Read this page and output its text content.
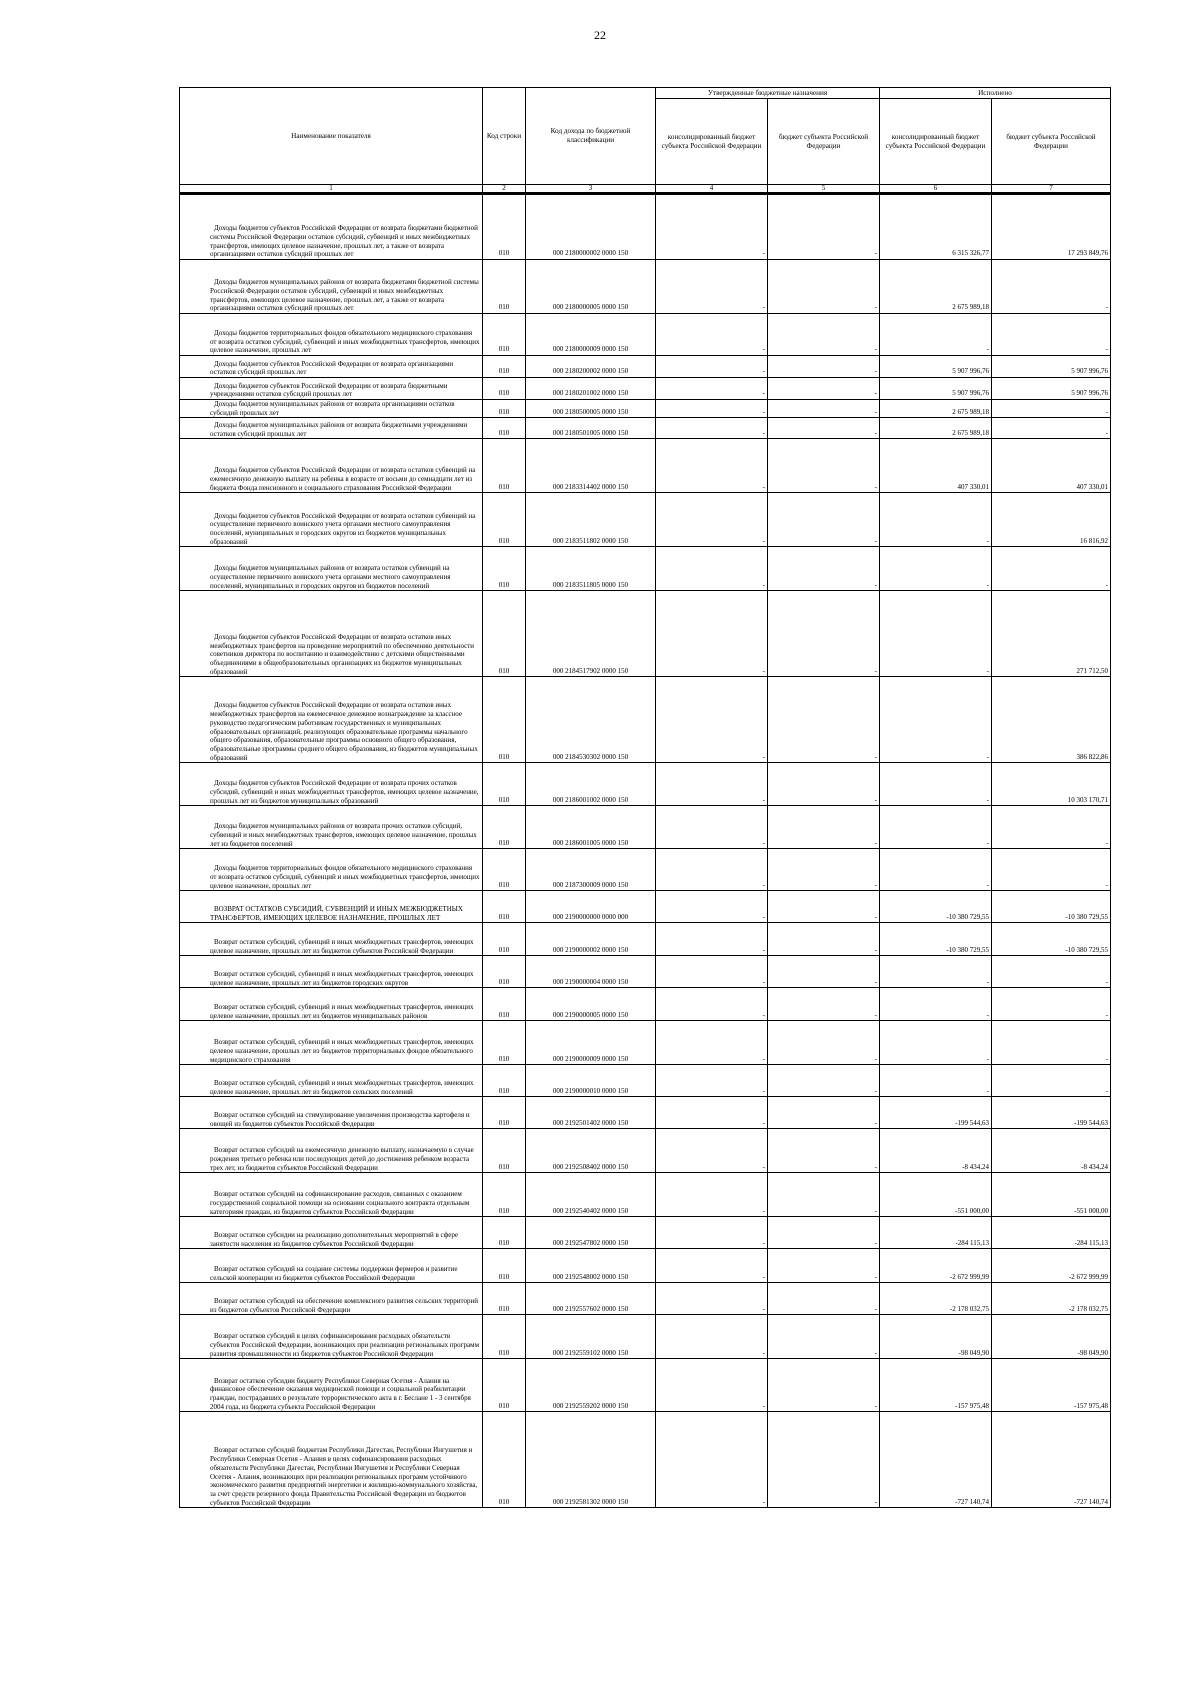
22
Наименование показателя	Код строки	Код дохода по бюджетной классификации	Утвержденные бюджетные назначения		Исполнено	
			консолидированный бюджет субъекта Российской Федерации	бюджет субъекта Российской Федерации	консолидированный бюджет субъекта Российской Федерации	бюджет субъекта Российской Федерации
1	2	3	4	5	6	7
Доходы бюджетов субъектов Российской Федерации от возврата бюджетами бюджетной системы Российской Федерации остатков субсидий, субвенций и иных межбюджетных трансфертов, имеющих целевое назначение, прошлых лет, а также от возврата организациями остатков субсидий прошлых лет	010	000 2180000002 0000 150	-	-	6 315 326,77	17 293 849,76
Доходы бюджетов муниципальных районов от возврата бюджетами бюджетной системы Российской Федерации остатков субсидий, субвенций и иных межбюджетных трансфертов, имеющих целевое назначение, прошлых лет, а также от возврата организациями остатков субсидий прошлых лет	010	000 2180000005 0000 150	-	-	2 675 989,18	-
Доходы бюджетов территориальных фондов обязательного медицинского страхования от возврата остатков субсидий, субвенций и иных межбюджетных трансфертов, имеющих целевое назначение, прошлых лет	010	000 2180000009 0000 150	-	-	-	-
Доходы бюджетов субъектов Российской Федерации от возврата организациями остатков субсидий прошлых лет	010	000 2180200002 0000 150	-	-	5 907 996,76	5 907 996,76
Доходы бюджетов субъектов Российской Федерации от возврата бюджетными учреждениями остатков субсидий прошлых лет	010	000 2180201002 0000 150	-	-	5 907 996,76	5 907 996,76
Доходы бюджетов муниципальных районов от возврата организациями остатков субсидий прошлых лет	010	000 2180500005 0000 150	-	-	2 675 989,18	-
Доходы бюджетов муниципальных районов от возврата бюджетными учреждениями остатков субсидий прошлых лет	010	000 2180501005 0000 150	-	-	2 675 989,18	-
Доходы бюджетов субъектов Российской Федерации от возврата остатков субвенций на ежемесячную денежную выплату на ребенка в возрасте от восьми до семнадцати лет из бюджета Фонда пенсионного и социального страхования Российской Федерации	010	000 2183314402 0000 150	-	-	407 330,01	407 330,01
Доходы бюджетов субъектов Российской Федерации от возврата остатков субвенций на осуществление первичного воинского учета органами местного самоуправления поселений, муниципальных и городских округов из бюджетов муниципальных образований	010	000 2183511802 0000 150	-	-	-	16 816,92
Доходы бюджетов муниципальных районов от возврата остатков субвенций на осуществление первичного воинского учета органами местного самоуправления поселений, муниципальных и городских округов из бюджетов поселений	010	000 2183511805 0000 150	-	-	-	-
Доходы бюджетов субъектов Российской Федерации от возврата остатков иных межбюджетных трансфертов на проведение мероприятий по обеспечению деятельности советников директора по воспитанию и взаимодействию с детскими общественными объединениями в общеобразовательных организациях из бюджетов муниципальных образований	010	000 2184517902 0000 150	-	-	-	271 712,50
Доходы бюджетов субъектов Российской Федерации от возврата остатков иных межбюджетных трансфертов на ежемесячное денежное вознаграждение за классное руководство педагогическим работникам государственных и муниципальных образовательных организаций, реализующих образовательные программы начального общего образования, образовательные программы основного общего образования, образовательные программы среднего общего образования, из бюджетов муниципальных образований	010	000 2184530302 0000 150	-	-	-	386 822,86
Доходы бюджетов субъектов Российской Федерации от возврата прочих остатков субсидий, субвенций и иных межбюджетных трансфертов, имеющих целевое назначение, прошлых лет из бюджетов муниципальных образований	010	000 2186001002 0000 150	-	-	-	10 303 170,71
Доходы бюджетов муниципальных районов от возврата прочих остатков субсидий, субвенций и иных межбюджетных трансфертов, имеющих целевое назначение, прошлых лет из бюджетов поселений	010	000 2186001005 0000 150	-	-	-	-
Доходы бюджетов территориальных фондов обязательного медицинского страхования от возврата остатков субсидий, субвенций и иных межбюджетных трансфертов, имеющих целевое назначение, прошлых лет	010	000 2187300009 0000 150	-	-	-	-
ВОЗВРАТ ОСТАТКОВ СУБСИДИЙ, СУБВЕНЦИЙ И ИНЫХ МЕЖБЮДЖЕТНЫХ ТРАНСФЕРТОВ, ИМЕЮЩИХ ЦЕЛЕВОЕ НАЗНАЧЕНИЕ, ПРОШЛЫХ ЛЕТ	010	000 2190000000 0000 000	-	-	-10 380 729,55	-10 380 729,55
Возврат остатков субсидий, субвенций и иных межбюджетных трансфертов, имеющих целевое назначение, прошлых лет из бюджетов субъектов Российской Федерации	010	000 2190000002 0000 150	-	-	-10 380 729,55	-10 380 729,55
Возврат остатков субсидий, субвенций и иных межбюджетных трансфертов, имеющих целевое назначение, прошлых лет из бюджетов городских округов	010	000 2190000004 0000 150	-	-	-	-
Возврат остатков субсидий, субвенций и иных межбюджетных трансфертов, имеющих целевое назначение, прошлых лет из бюджетов муниципальных районов	010	000 2190000005 0000 150	-	-	-	-
Возврат остатков субсидий, субвенций и иных межбюджетных трансфертов, имеющих целевое назначение, прошлых лет из бюджетов территориальных фондов обязательного медицинского страхования	010	000 2190000009 0000 150	-	-	-	-
Возврат остатков субсидий, субвенций и иных межбюджетных трансфертов, имеющих целевое назначение, прошлых лет из бюджетов сельских поселений	010	000 2190000010 0000 150	-	-	-	-
Возврат остатков субсидий на стимулирование увеличения производства картофеля и овощей из бюджетов субъектов Российской Федерации	010	000 2192501402 0000 150	-	-	-199 544,63	-199 544,63
Возврат остатков субсидий на ежемесячную денежную выплату, назначаемую в случае рождения третьего ребенка или последующих детей до достижения ребенком возраста трех лет, из бюджетов субъектов Российской Федерации	010	000 2192508402 0000 150	-	-	-8 434,24	-8 434,24
Возврат остатков субсидий на софинансирование расходов, связанных с оказанием государственной социальной помощи на основании социального контракта отдельным категориям граждан, из бюджетов субъектов Российской Федерации	010	000 2192540402 0000 150	-	-	-551 000,00	-551 000,00
Возврат остатков субсидии на реализацию дополнительных мероприятий в сфере занятости населения из бюджетов субъектов Российской Федерации	010	000 2192547802 0000 150	-	-	-284 115,13	-284 115,13
Возврат остатков субсидий на создание системы поддержки фермеров и развитие сельской кооперации из бюджетов субъектов Российской Федерации	010	000 2192548002 0000 150	-	-	-2 672 999,99	-2 672 999,99
Возврат остатков субсидий на обеспечение комплексного развития сельских территорий из бюджетов субъектов Российской Федерации	010	000 2192557602 0000 150	-	-	-2 178 032,75	-2 178 032,75
Возврат остатков субсидий в целях софинансирования расходных обязательств субъектов Российской Федерации, возникающих при реализации региональных программ развития промышленности из бюджетов субъектов Российской Федерации	010	000 2192559102 0000 150	-	-	-98 049,90	-98 049,90
Возврат остатков субсидии бюджету Республики Северная Осетия - Алания на финансовое обеспечение оказания медицинской помощи и социальной реабилитации граждан, пострадавших в результате террористического акта в г. Беслане 1 - 3 сентября 2004 года, из бюджета субъекта Российской Федерации	010	000 2192559202 0000 150	-	-	-157 975,48	-157 975,48
Возврат остатков субсидий бюджетам Республики Дагестан, Республики Ингушетия и Республики Северная Осетия - Алания в целях софинансирования расходных обязательств Республики Дагестан, Республики Ингушетия и Республики Северная Осетия - Алания, возникающих при реализации региональных программ устойчивого экономического развития предприятий энергетики и жилищно-коммунального хозяйства, за счет средств резервного фонда Правительства Российской Федерации из бюджетов субъектов Российской Федерации	010	000 2192581302 0000 150	-	-	-727 140,74	-727 140,74
